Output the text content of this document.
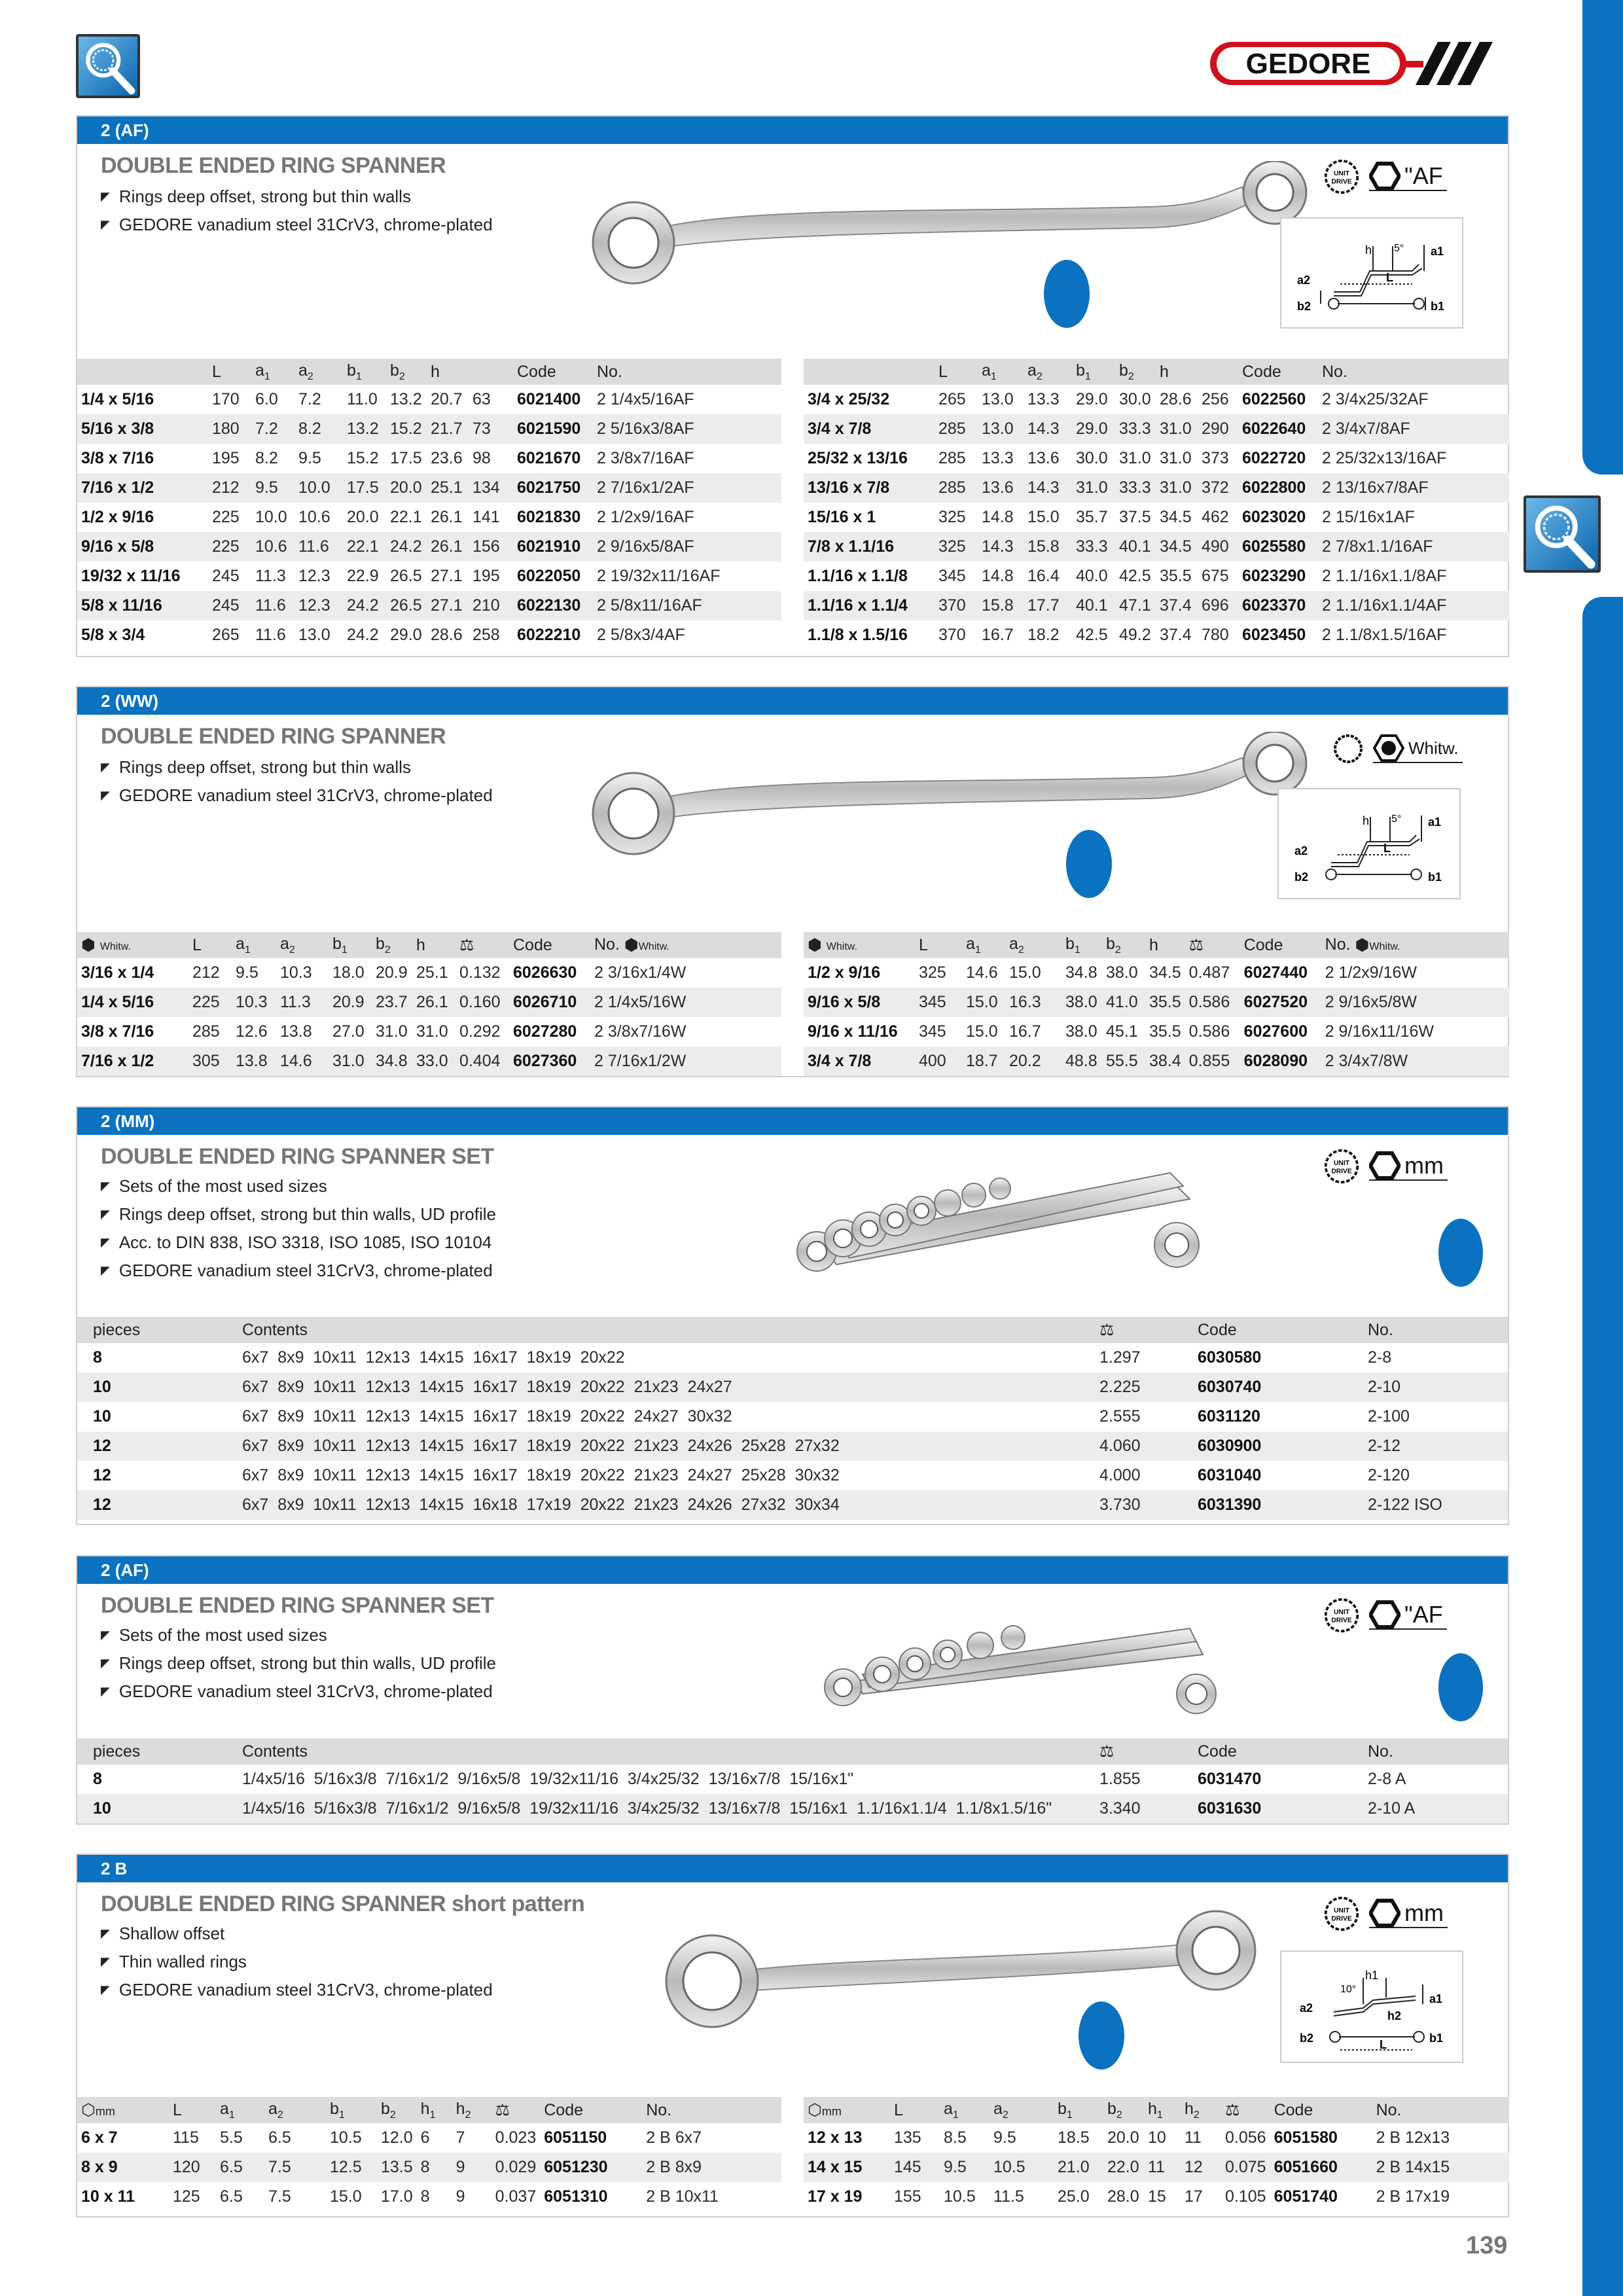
GEDORE
2 (AF)
DOUBLE ENDED RING SPANNER
◤ Rings deep offset, strong but thin walls
◤ GEDORE vanadium steel 31CrV3, chrome-plated
UNIT
DRIVE "AF
h 5° a1
a2	L
b1
b2
	L	$a_1$	$a_2$	$b_1$	$b_2$	h		Code	No.
1/4 x 5/16	170	6.0	7.2	11.0	13.2	20.7	63	6021400	2 1/4x5/16AF
5/16 x 3/8	180	7.2	8.2	13.2	15.2	21.7	73	6021590	2 5/16x3/8AF
3/8 x 7/16	195	8.2	9.5	15.2	17.5	23.6	98	6021670	2 3/8x7/16AF
7/16 x 1/2	212	9.5	10.0	17.5	20.0	25.1	134	6021750	2 7/16x1/2AF
1/2 x 9/16	225	10.0	10.6	20.0	22.1	26.1	141	6021830	2 1/2x9/16AF
9/16 x 5/8	225	10.6	11.6	22.1	24.2	26.1	156	6021910	2 9/16x5/8AF
19/32 x 11/16	245	11.3	12.3	22.9	26.5	27.1	195	6022050	2 19/32x11/16AF
5/8 x 11/16	245	11.6	12.3	24.2	26.5	27.1	210	6022130	2 5/8x11/16AF
5/8 x 3/4	265	11.6	13.0	24.2	29.0	28.6	258	6022210	2 5/8x3/4AF
	L	$a_1$	$a_2$	$b_1$	$b_2$	h		Code	No.
3/4 x 25/32	265	13.0	13.3	29.0	30.0	28.6	256	6022560	2 3/4x25/32AF
3/4 x 7/8	285	13.0	14.3	29.0	33.3	31.0	290	6022640	2 3/4x7/8AF
25/32 x 13/16	285	13.3	13.6	30.0	31.0	31.0	373	6022720	2 25/32x13/16AF
13/16 x 7/8	285	13.6	14.3	31.0	33.3	31.0	372	6022800	2 13/16x7/8AF
15/16 x 1	325	14.8	15.0	35.7	37.5	34.5	462	6023020	2 15/16x1AF
7/8 x 1.1/16	325	14.3	15.8	33.3	40.1	34.5	490	6025580	2 7/8x1.1/16AF
1.1/16 x 1.1/8	345	14.8	16.4	40.0	42.5	35.5	675	6023290	2 1.1/16x1.1/8AF
1.1/16 x 1.1/4	370	15.8	17.7	40.1	47.1	37.4	696	6023370	2 1.1/16x1.1/4AF
1.1/8 x 1.5/16	370	16.7	18.2	42.5	49.2	37.4	780	6023450	2 1.1/8x1.5/16AF
2 (WW)
DOUBLE ENDED RING SPANNER
◤ Rings deep offset, strong but thin walls
◤ GEDORE vanadium steel 31CrV3, chrome-plated
Whitw.
h 5° a1
a2	L
b1
b2
⬢ Whitw.	L	$a_1$	$a_2$	$b_1$	$b_2$	h	⚖	Code	No. ⬢Whitw.
3/16 x 1/4	212	9.5	10.3	18.0	20.9	25.1	0.132	6026630	2 3/16x1/4W
1/4 x 5/16	225	10.3	11.3	20.9	23.7	26.1	0.160	6026710	2 1/4x5/16W
3/8 x 7/16	285	12.6	13.8	27.0	31.0	31.0	0.292	6027280	2 3/8x7/16W
7/16 x 1/2	305	13.8	14.6	31.0	34.8	33.0	0.404	6027360	2 7/16x1/2W
⬢ Whitw.	L	$a_1$	$a_2$	$b_1$	$b_2$	h	⚖	Code	No. ⬢Whitw.
1/2 x 9/16	325	14.6	15.0	34.8	38.0	34.5	0.487	6027440	2 1/2x9/16W
9/16 x 5/8	345	15.0	16.3	38.0	41.0	35.5	0.586	6027520	2 9/16x5/8W
9/16 x 11/16	345	15.0	16.7	38.0	45.1	35.5	0.586	6027600	2 9/16x11/16W
3/4 x 7/8	400	18.7	20.2	48.8	55.5	38.4	0.855	6028090	2 3/4x7/8W
2 (MM)
DOUBLE ENDED RING SPANNER SET
◤ Sets of the most used sizes
◤ Rings deep offset, strong but thin walls, UD profile
◤ Acc. to DIN 838, ISO 3318, ISO 1085, ISO 10104
◤ GEDORE vanadium steel 31CrV3, chrome-plated
UNIT
DRIVE mm
pieces	Contents	⚖	Code	No.
8	6x7  8x9  10x11  12x13  14x15  16x17  18x19  20x22	1.297	6030580	2-8
10	6x7  8x9  10x11  12x13  14x15  16x17  18x19  20x22  21x23  24x27	2.225	6030740	2-10
10	6x7  8x9  10x11  12x13  14x15  16x17  18x19  20x22  24x27  30x32	2.555	6031120	2-100
12	6x7  8x9  10x11  12x13  14x15  16x17  18x19  20x22  21x23  24x26  25x28  27x32	4.060	6030900	2-12
12	6x7  8x9  10x11  12x13  14x15  16x17  18x19  20x22  21x23  24x27  25x28  30x32	4.000	6031040	2-120
12	6x7  8x9  10x11  12x13  14x15  16x18  17x19  20x22  21x23  24x26  27x32  30x34	3.730	6031390	2-122 ISO
2 (AF)
DOUBLE ENDED RING SPANNER SET
◤ Sets of the most used sizes
◤ Rings deep offset, strong but thin walls, UD profile
◤ GEDORE vanadium steel 31CrV3, chrome-plated
UNIT
DRIVE "AF
pieces	Contents	⚖	Code	No.
8	1/4x5/16  5/16x3/8  7/16x1/2  9/16x5/8  19/32x11/16  3/4x25/32  13/16x7/8  15/16x1"	1.855	6031470	2-8 A
10	1/4x5/16  5/16x3/8  7/16x1/2  9/16x5/8  19/32x11/16  3/4x25/32  13/16x7/8  15/16x1  1.1/16x1.1/4  1.1/8x1.5/16"	3.340	6031630	2-10 A
2 B
DOUBLE ENDED RING SPANNER short pattern
◤ Shallow offset
◤ Thin walled rings
◤ GEDORE vanadium steel 31CrV3, chrome-plated
UNIT
DRIVE mm
h1
10°
h2
a1
a2
L	b1
b2
⬡mm	L	$a_1$	$a_2$	$b_1$	$b_2$	$h_1$	$h_2$	⚖	Code	No.
6 x 7	115	5.5	6.5	10.5	12.0	6	7	0.023	6051150	2 B 6x7
8 x 9	120	6.5	7.5	12.5	13.5	8	9	0.029	6051230	2 B 8x9
10 x 11	125	6.5	7.5	15.0	17.0	8	9	0.037	6051310	2 B 10x11
⬡mm	L	$a_1$	$a_2$	$b_1$	$b_2$	$h_1$	$h_2$	⚖	Code	No.
12 x 13	135	8.5	9.5	18.5	20.0	10	11	0.056	6051580	2 B 12x13
14 x 15	145	9.5	10.5	21.0	22.0	11	12	0.075	6051660	2 B 14x15
17 x 19	155	10.5	11.5	25.0	28.0	15	17	0.105	6051740	2 B 17x19
139
